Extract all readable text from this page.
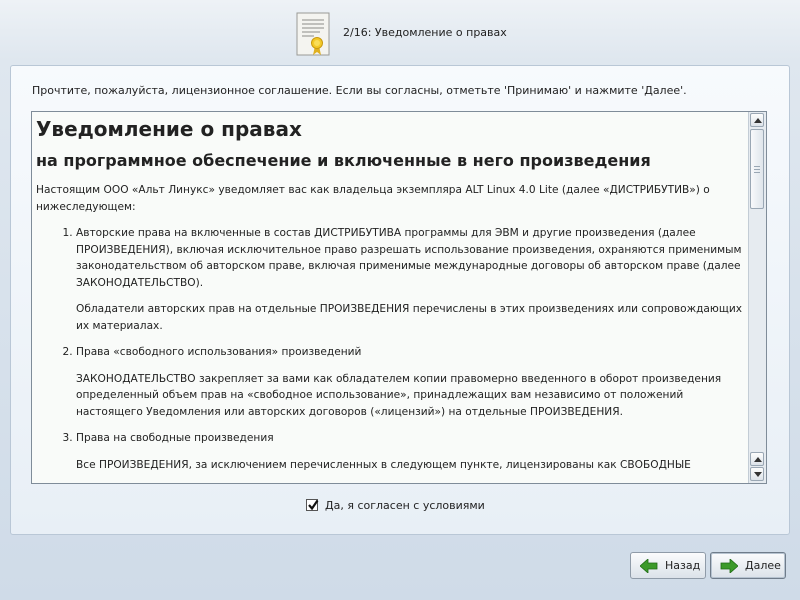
2/16: Уведомление о правах
Прочтите, пожалуйста, лицензионное соглашение. Если вы согласны, отметьте 'Принимаю' и нажмите 'Далее'.
Уведомление о правах
на программное обеспечение и включенные в него произведения

Настоящим ООО «Альт Линукс» уведомляет вас как владельца экземпляра ALT Linux 4.0 Lite (далее «ДИСТРИБУТИВ») о нижеследующем:

1. Авторские права на включенные в состав ДИСТРИБУТИВА программы для ЭВМ и другие произведения (далее ПРОИЗВЕДЕНИЯ), включая исключительное право разрешать использование произведения, охраняются применимым законодательством об авторском праве, включая применимые международные договоры об авторском праве (далее ЗАКОНОДАТЕЛЬСТВО).

Обладатели авторских прав на отдельные ПРОИЗВЕДЕНИЯ перечислены в этих произведениях или сопровождающих их материалах.

2. Права «свободного использования» произведений

ЗАКОНОДАТЕЛЬСТВО закрепляет за вами как обладателем копии правомерно введенного в оборот произведения определенный объем прав на «свободное использование», принадлежащих вам независимо от положений настоящего Уведомления или авторских договоров («лицензий») на отдельные ПРОИЗВЕДЕНИЯ.

3. Права на свободные произведения

Все ПРОИЗВЕДЕНИЯ, за исключением перечисленных в следующем пункте, лицензированы как СВОБОДНЫЕ

Да, я согласен с условиями
Назад	Далее
